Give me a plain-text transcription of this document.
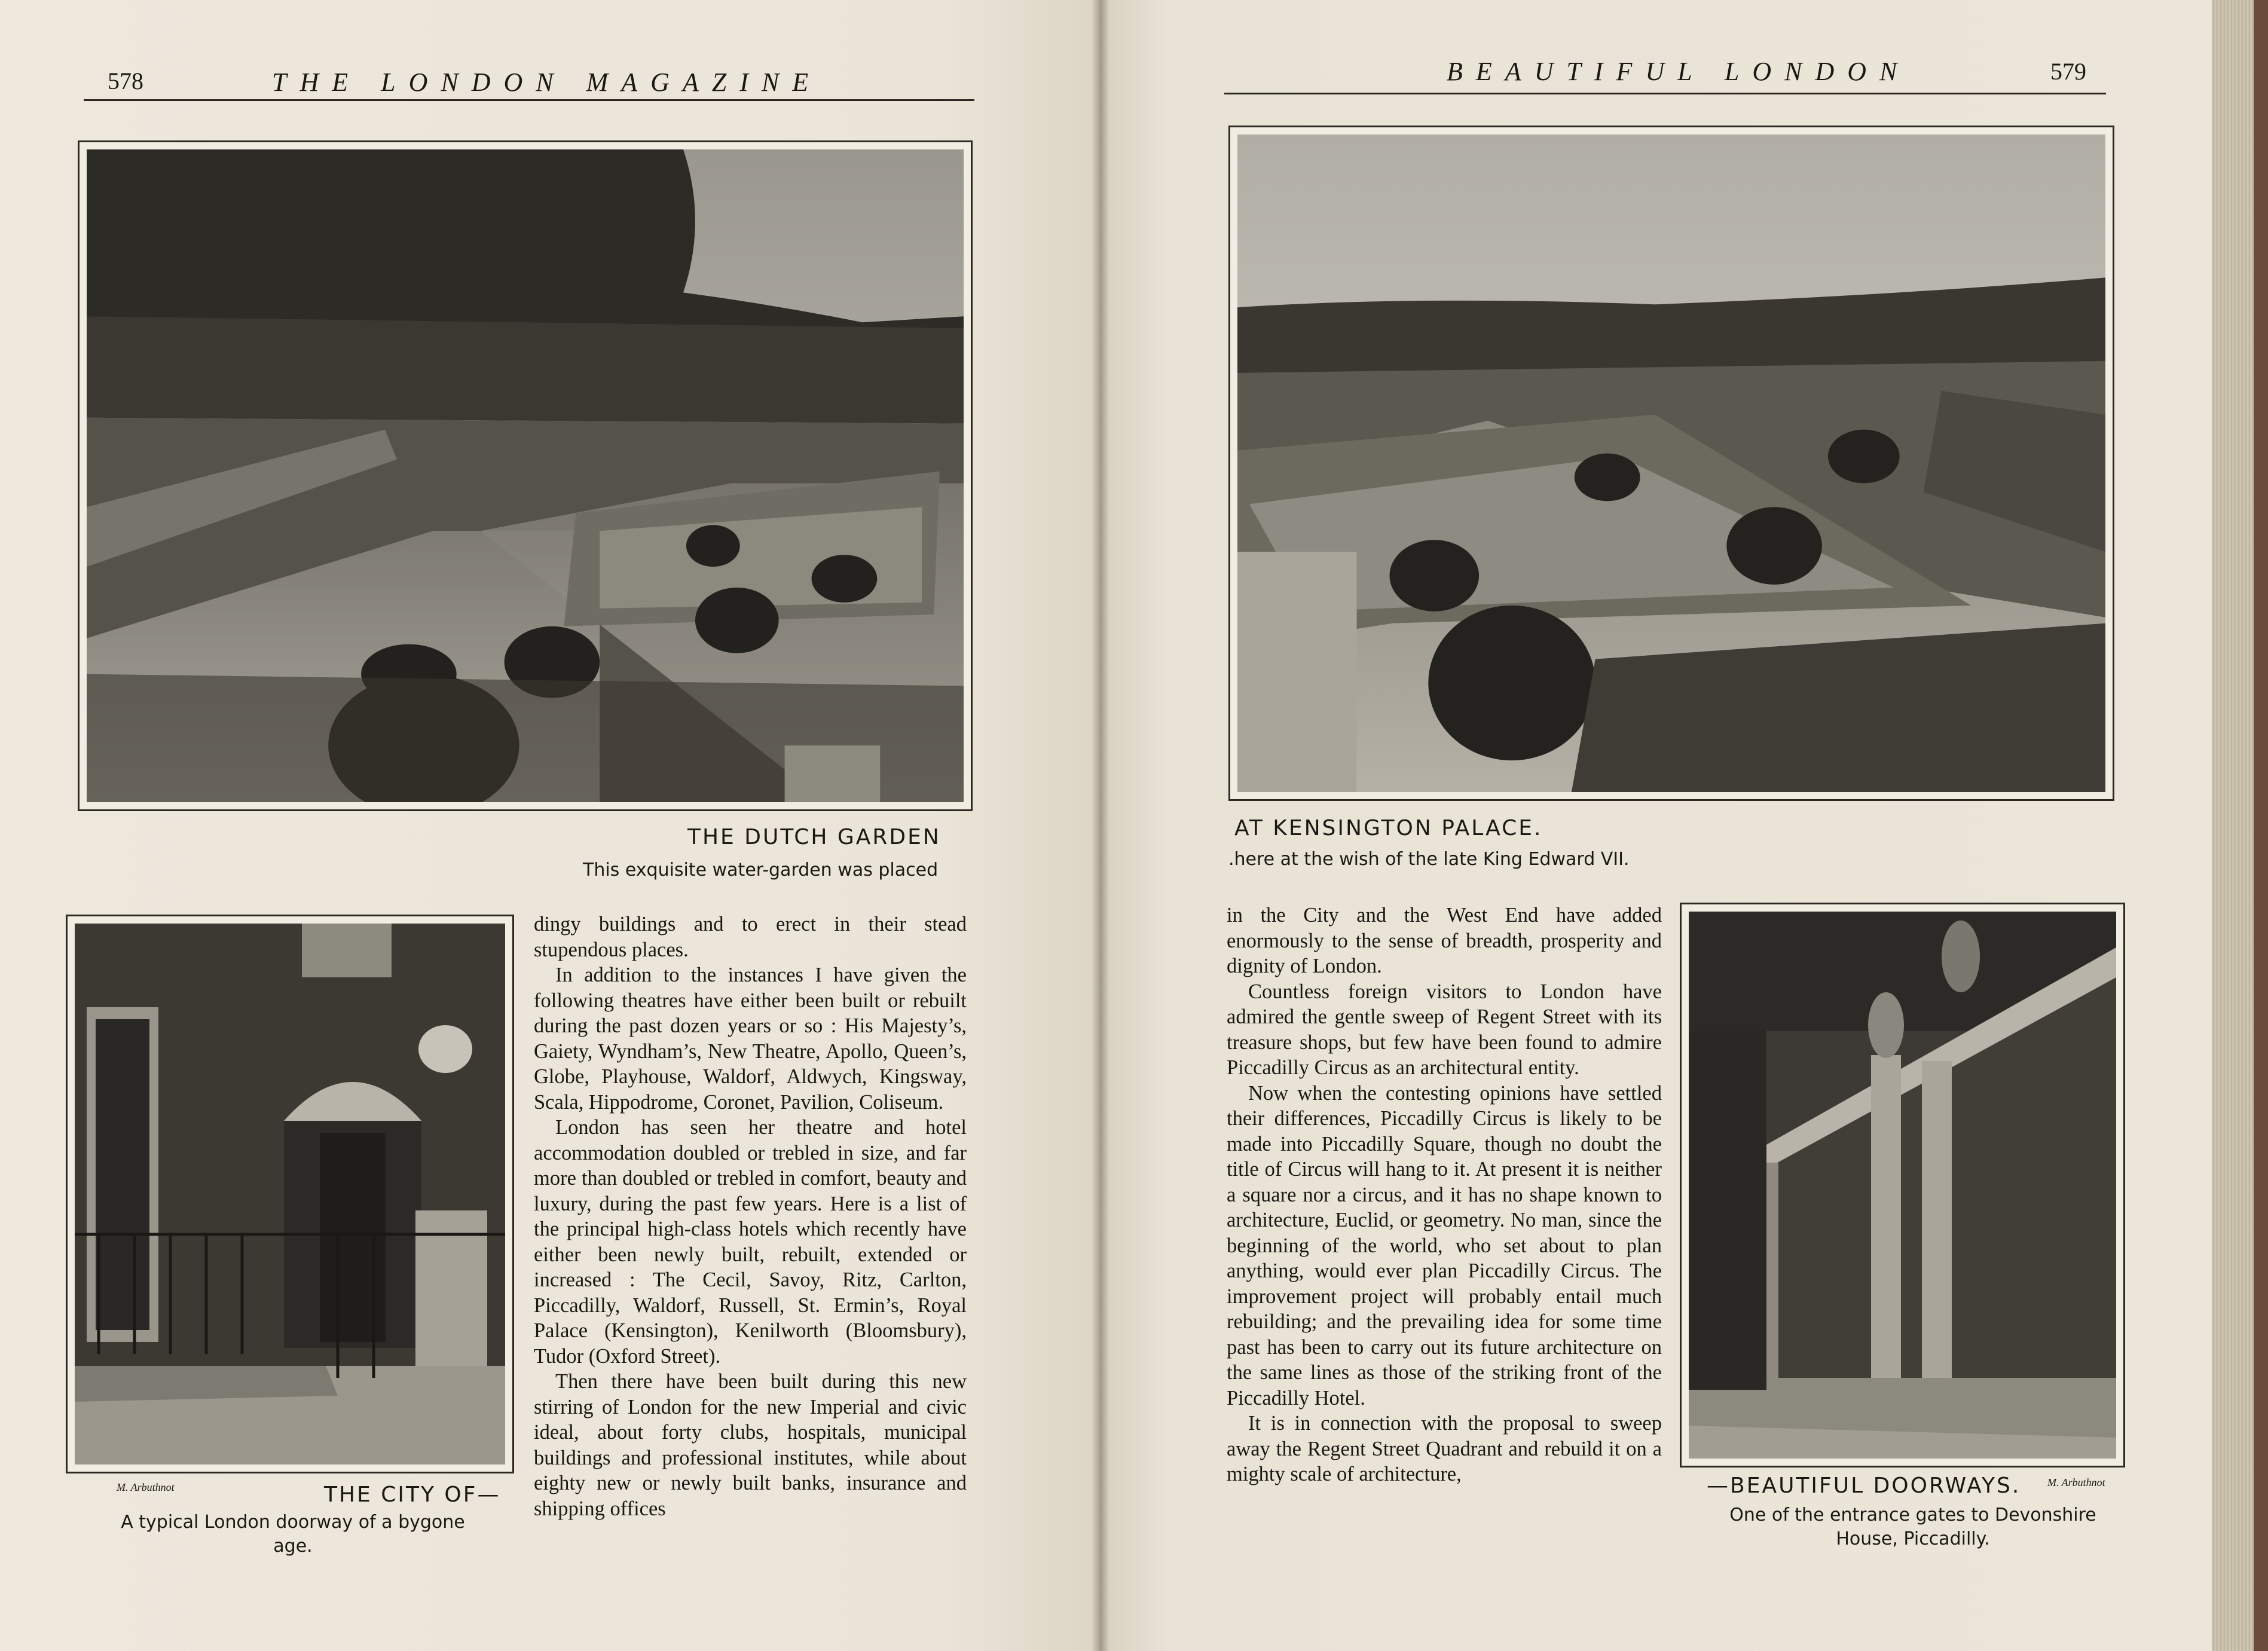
578	THE LONDON MAGAZINE
THE DUTCH GARDEN
This exquisite water-garden was placed
M. Arbuthnot	THE CITY OF—
A typical London doorway of a bygone age.

dingy buildings and to erect in their stead stupendous places.

In addition to the instances I have given the following theatres have either been built or rebuilt during the past dozen years or so : His Majesty’s, Gaiety, Wyndham’s, New Theatre, Apollo, Queen’s, Globe, Playhouse, Waldorf, Aldwych, Kingsway, Scala, Hippodrome, Coronet, Pavilion, Coliseum.

London has seen her theatre and hotel accommodation doubled or trebled in size, and far more than doubled or trebled in comfort, beauty and luxury, during the past few years. Here is a list of the principal high-class hotels which recently have either been newly built, rebuilt, extended or increased : The Cecil, Savoy, Ritz, Carlton, Piccadilly, Waldorf, Russell, St. Ermin’s, Royal Palace (Kensington), Kenilworth (Bloomsbury), Tudor (Oxford Street).

Then there have been built during this new stirring of London for the new Imperial and civic ideal, about forty clubs, hospitals, municipal buildings and professional institutes, while about eighty new or newly built banks, insurance and shipping offices

BEAUTIFUL LONDON	579
AT KENSINGTON PALACE.
.here at the wish of the late King Edward VII.

in the City and the West End have added enormously to the sense of breadth, prosperity and dignity of London.

Countless foreign visitors to London have admired the gentle sweep of Regent Street with its treasure shops, but few have been found to admire Piccadilly Circus as an architectural entity.

Now when the contesting opinions have settled their differences, Piccadilly Circus is likely to be made into Piccadilly Square, though no doubt the title of Circus will hang to it. At present it is neither a square nor a circus, and it has no shape known to architecture, Euclid, or geometry. No man, since the beginning of the world, who set about to plan anything, would ever plan Piccadilly Circus. The improvement project will probably entail much rebuilding; and the prevailing idea for some time past has been to carry out its future architecture on the same lines as those of the striking front of the Piccadilly Hotel.

It is in connection with the proposal to sweep away the Regent Street Quadrant and rebuild it on a mighty scale of architecture,	—BEAUTIFUL DOORWAYS. M. Arbuthnot
One of the entrance gates to Devonshire House, Piccadilly.
